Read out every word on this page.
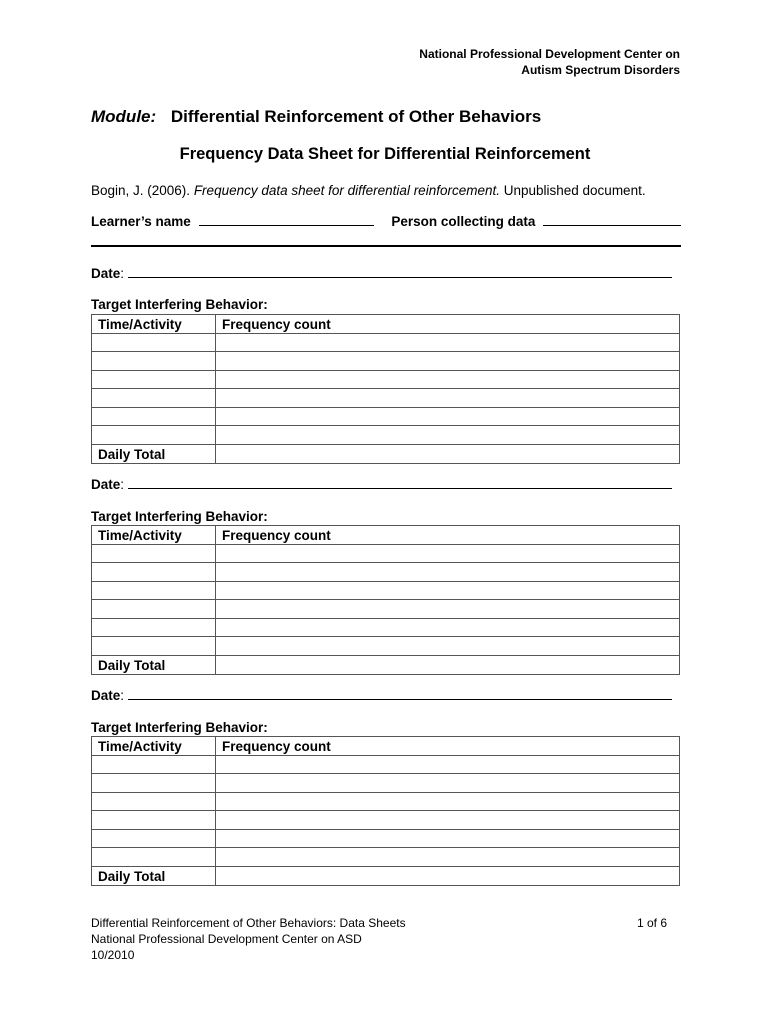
National Professional Development Center on
Autism Spectrum Disorders
Module: Differential Reinforcement of Other Behaviors
Frequency Data Sheet for Differential Reinforcement
Bogin, J. (2006). Frequency data sheet for differential reinforcement. Unpublished document.
Learner’s name	Person collecting data
Date:
Target Interfering Behavior:
Time/Activity	Frequency count

Daily Total	
Date:
Target Interfering Behavior:
Time/Activity	Frequency count

Daily Total	
Date:
Target Interfering Behavior:
Time/Activity	Frequency count

Daily Total	
Differential Reinforcement of Other Behaviors: Data Sheets
National Professional Development Center on ASD
10/2010
1 of 6
